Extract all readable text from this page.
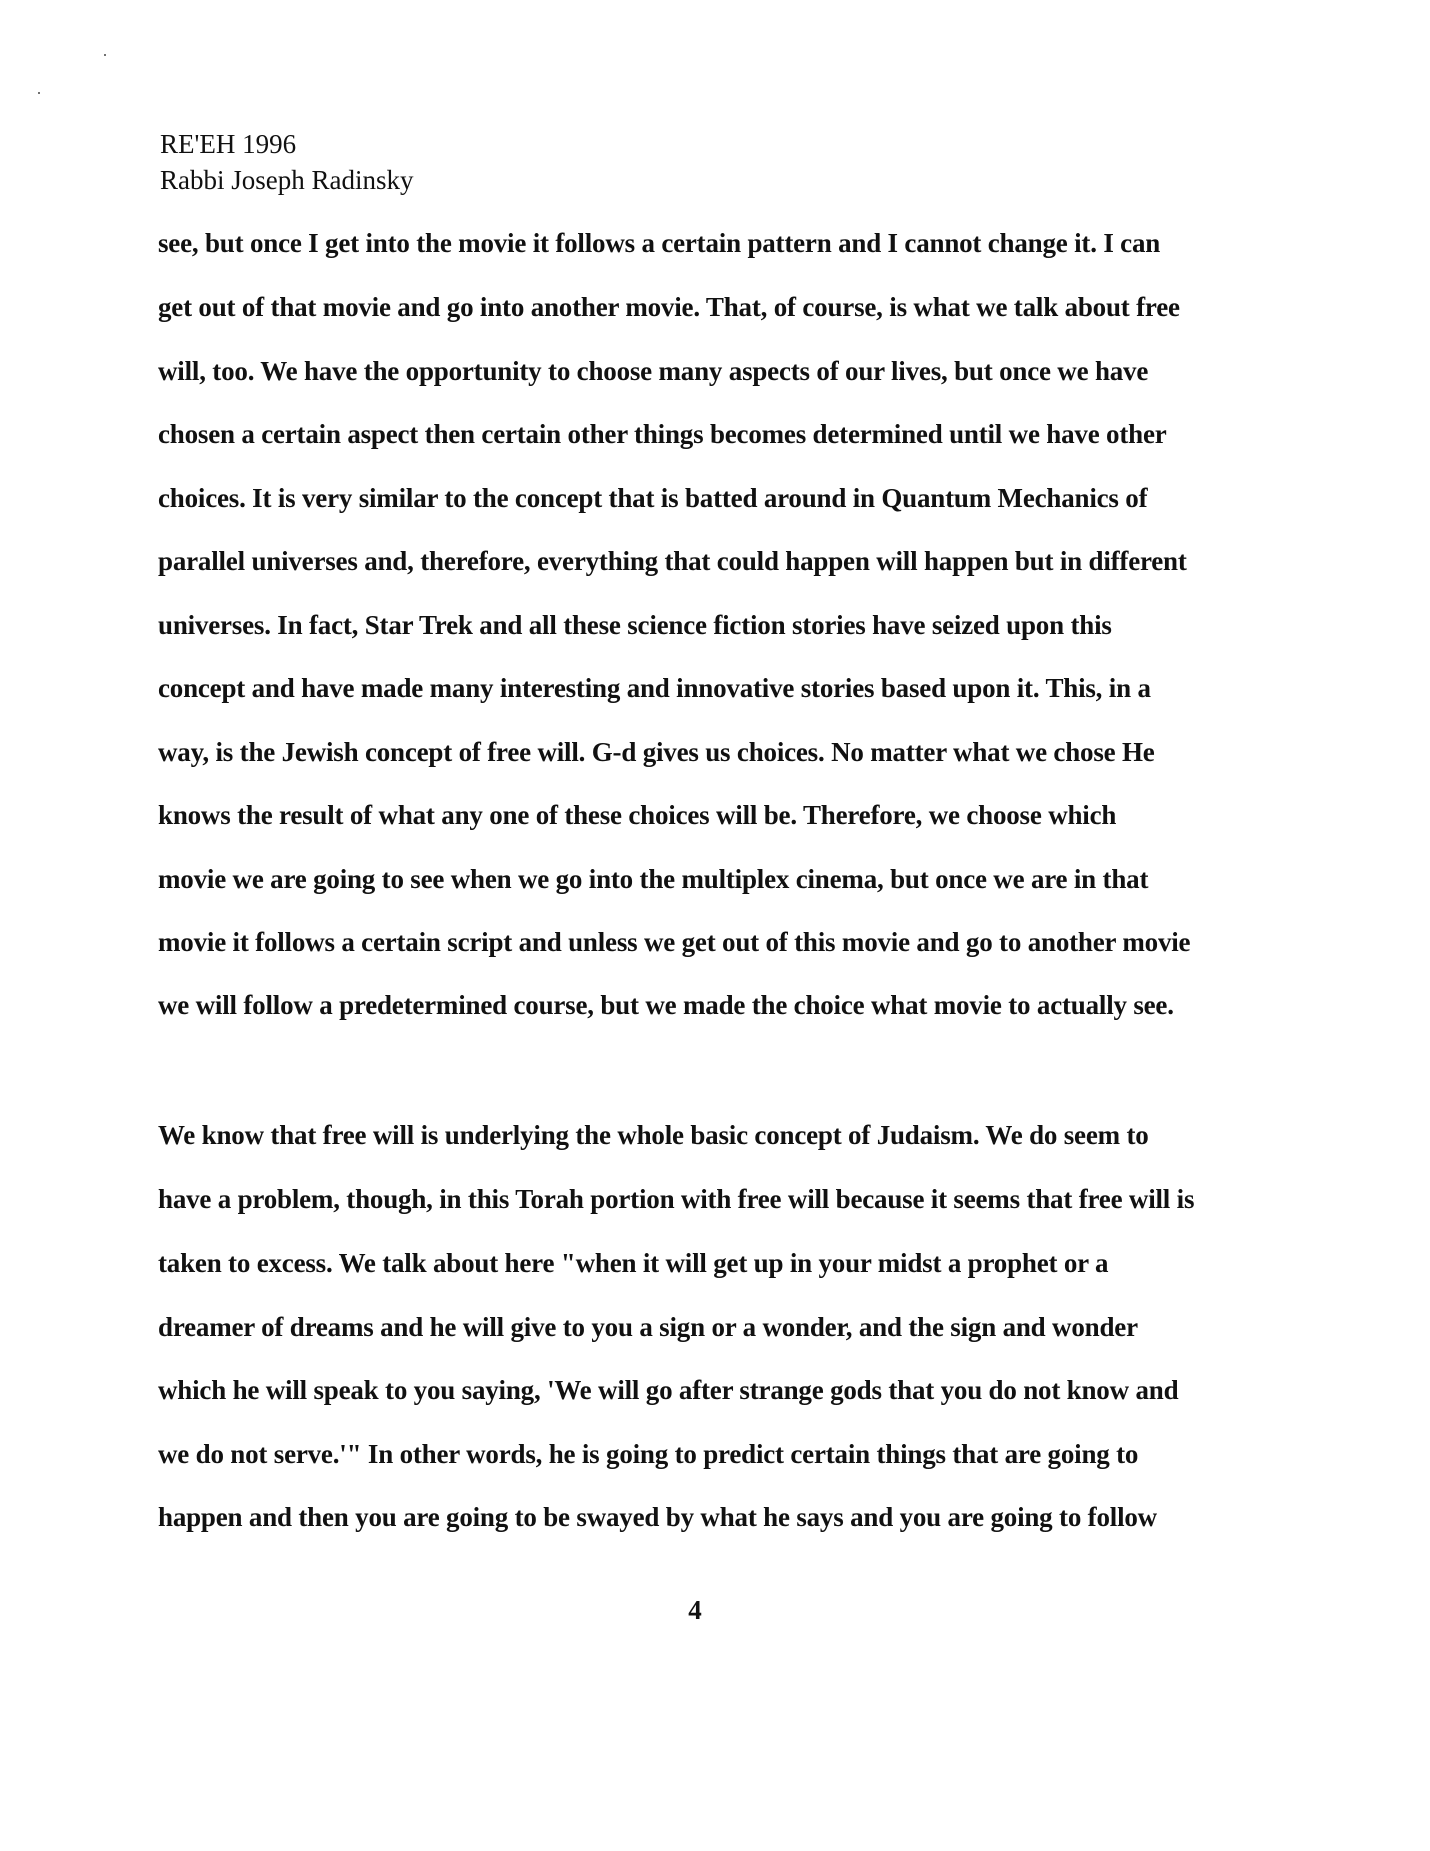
RE'EH 1996
Rabbi Joseph Radinsky
see, but once I get into the movie it follows a certain pattern and I cannot change it. I can
get out of that movie and go into another movie. That, of course, is what we talk about free
will, too. We have the opportunity to choose many aspects of our lives, but once we have
chosen a certain aspect then certain other things becomes determined until we have other
choices. It is very similar to the concept that is batted around in Quantum Mechanics of
parallel universes and, therefore, everything that could happen will happen but in different
universes. In fact, Star Trek and all these science fiction stories have seized upon this
concept and have made many interesting and innovative stories based upon it. This, in a
way, is the Jewish concept of free will. G-d gives us choices. No matter what we chose He
knows the result of what any one of these choices will be. Therefore, we choose which
movie we are going to see when we go into the multiplex cinema, but once we are in that
movie it follows a certain script and unless we get out of this movie and go to another movie
we will follow a predetermined course, but we made the choice what movie to actually see.
We know that free will is underlying the whole basic concept of Judaism. We do seem to
have a problem, though, in this Torah portion with free will because it seems that free will is
taken to excess. We talk about here "when it will get up in your midst a prophet or a
dreamer of dreams and he will give to you a sign or a wonder, and the sign and wonder
which he will speak to you saying, 'We will go after strange gods that you do not know and
we do not serve.'" In other words, he is going to predict certain things that are going to
happen and then you are going to be swayed by what he says and you are going to follow
4
